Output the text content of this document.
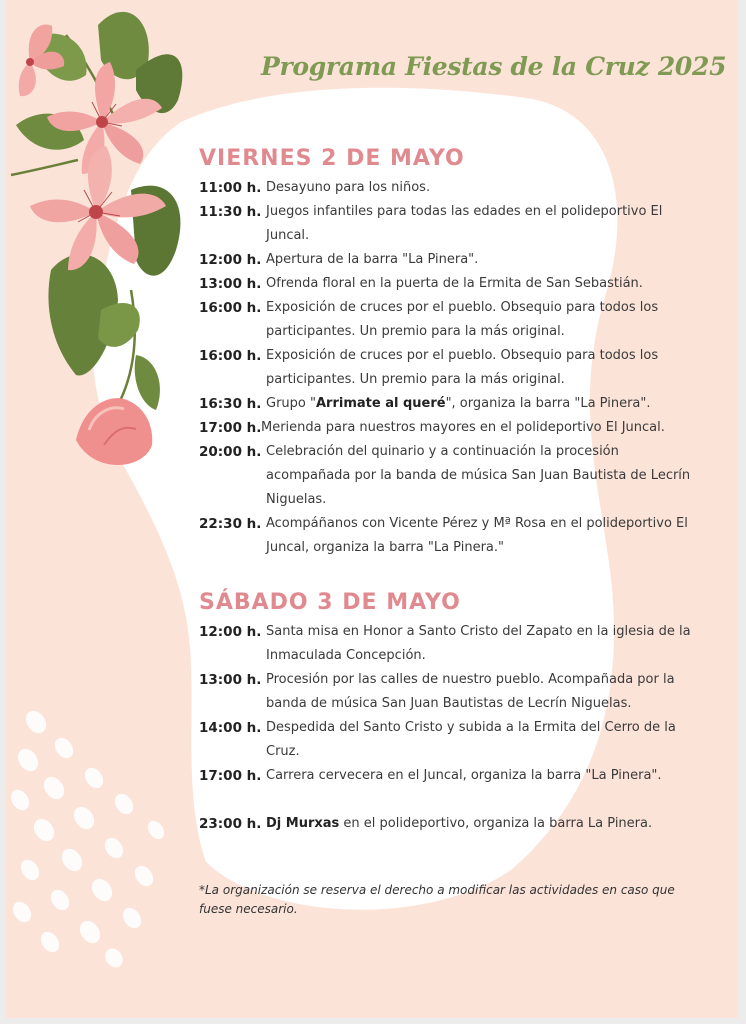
Programa Fiestas de la Cruz 2025
VIERNES 2 DE MAYO
11:00 h. Desayuno para los niños.
11:30 h. Juegos infantiles para todas las edades en el polideportivo El Juncal.
12:00 h. Apertura de la barra "La Pinera".
13:00 h. Ofrenda floral en la puerta de la Ermita de San Sebastián.
16:00 h. Exposición de cruces por el pueblo. Obsequio para todos los participantes. Un premio para la más original.
16:00 h. Exposición de cruces por el pueblo. Obsequio para todos los participantes. Un premio para la más original.
16:30 h. Grupo "Arrimate al queré", organiza la barra "La Pinera".
17:00 h. Merienda para nuestros mayores en el polideportivo El Juncal.
20:00 h. Celebración del quinario y a continuación la procesión acompañada por la banda de música San Juan Bautista de Lecrín Niguelas.
22:30 h. Acompáñanos con Vicente Pérez y Mª Rosa en el polideportivo El Juncal, organiza la barra "La Pinera."
SÁBADO 3 DE MAYO
12:00 h. Santa misa en Honor a Santo Cristo del Zapato en la iglesia de la Inmaculada Concepción.
13:00 h. Procesión por las calles de nuestro pueblo. Acompañada por la banda de música San Juan Bautistas de Lecrín Niguelas.
14:00 h. Despedida del Santo Cristo y subida a la Ermita del Cerro de la Cruz.
17:00 h. Carrera cervecera en el Juncal, organiza la barra "La Pinera".
23:00 h. Dj Murxas en el polideportivo, organiza la barra La Pinera.
*La organización se reserva el derecho a modificar las actividades en caso que fuese necesario.
